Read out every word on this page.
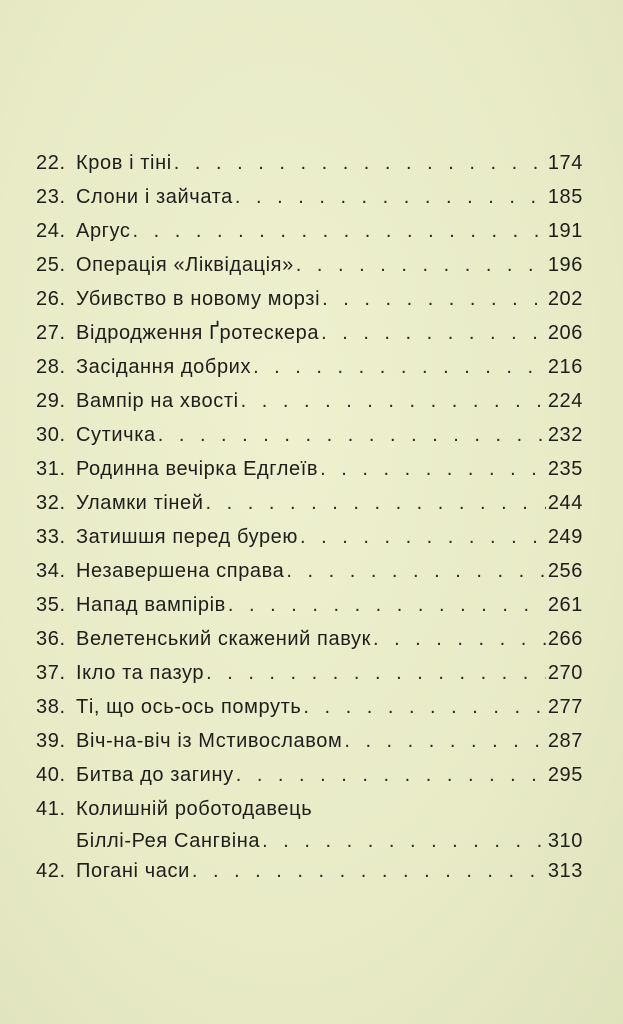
22. Кров і тіні . . .	174
23. Слони і зайчата . . .	185
24. Аргус . . .	191
25. Операція «Ліквідація» . . .	196
26. Убивство в новому морзі . . .	202
27. Відродження Ґротескера . . .	206
28. Засідання добрих . . .	216
29. Вампір на хвості . . .	224
30. Сутичка . . .	232
31. Родинна вечірка Едглеїв . . .	235
32. Уламки тіней . . .	244
33. Затишшя перед бурею . . .	249
34. Незавершена справа . . .	256
35. Напад вампірів . . .	261
36. Велетенський скажений павук . . .	266
37. Ікло та пазур . . .	270
38. Ті, що ось-ось помруть . . .	277
39. Віч-на-віч із Мстивославом . . .	287
40. Битва до загину . . .	295
41. Колишній роботодавець
Біллі-Рея Сангвіна . . .	310
42. Погані часи . . .	313
